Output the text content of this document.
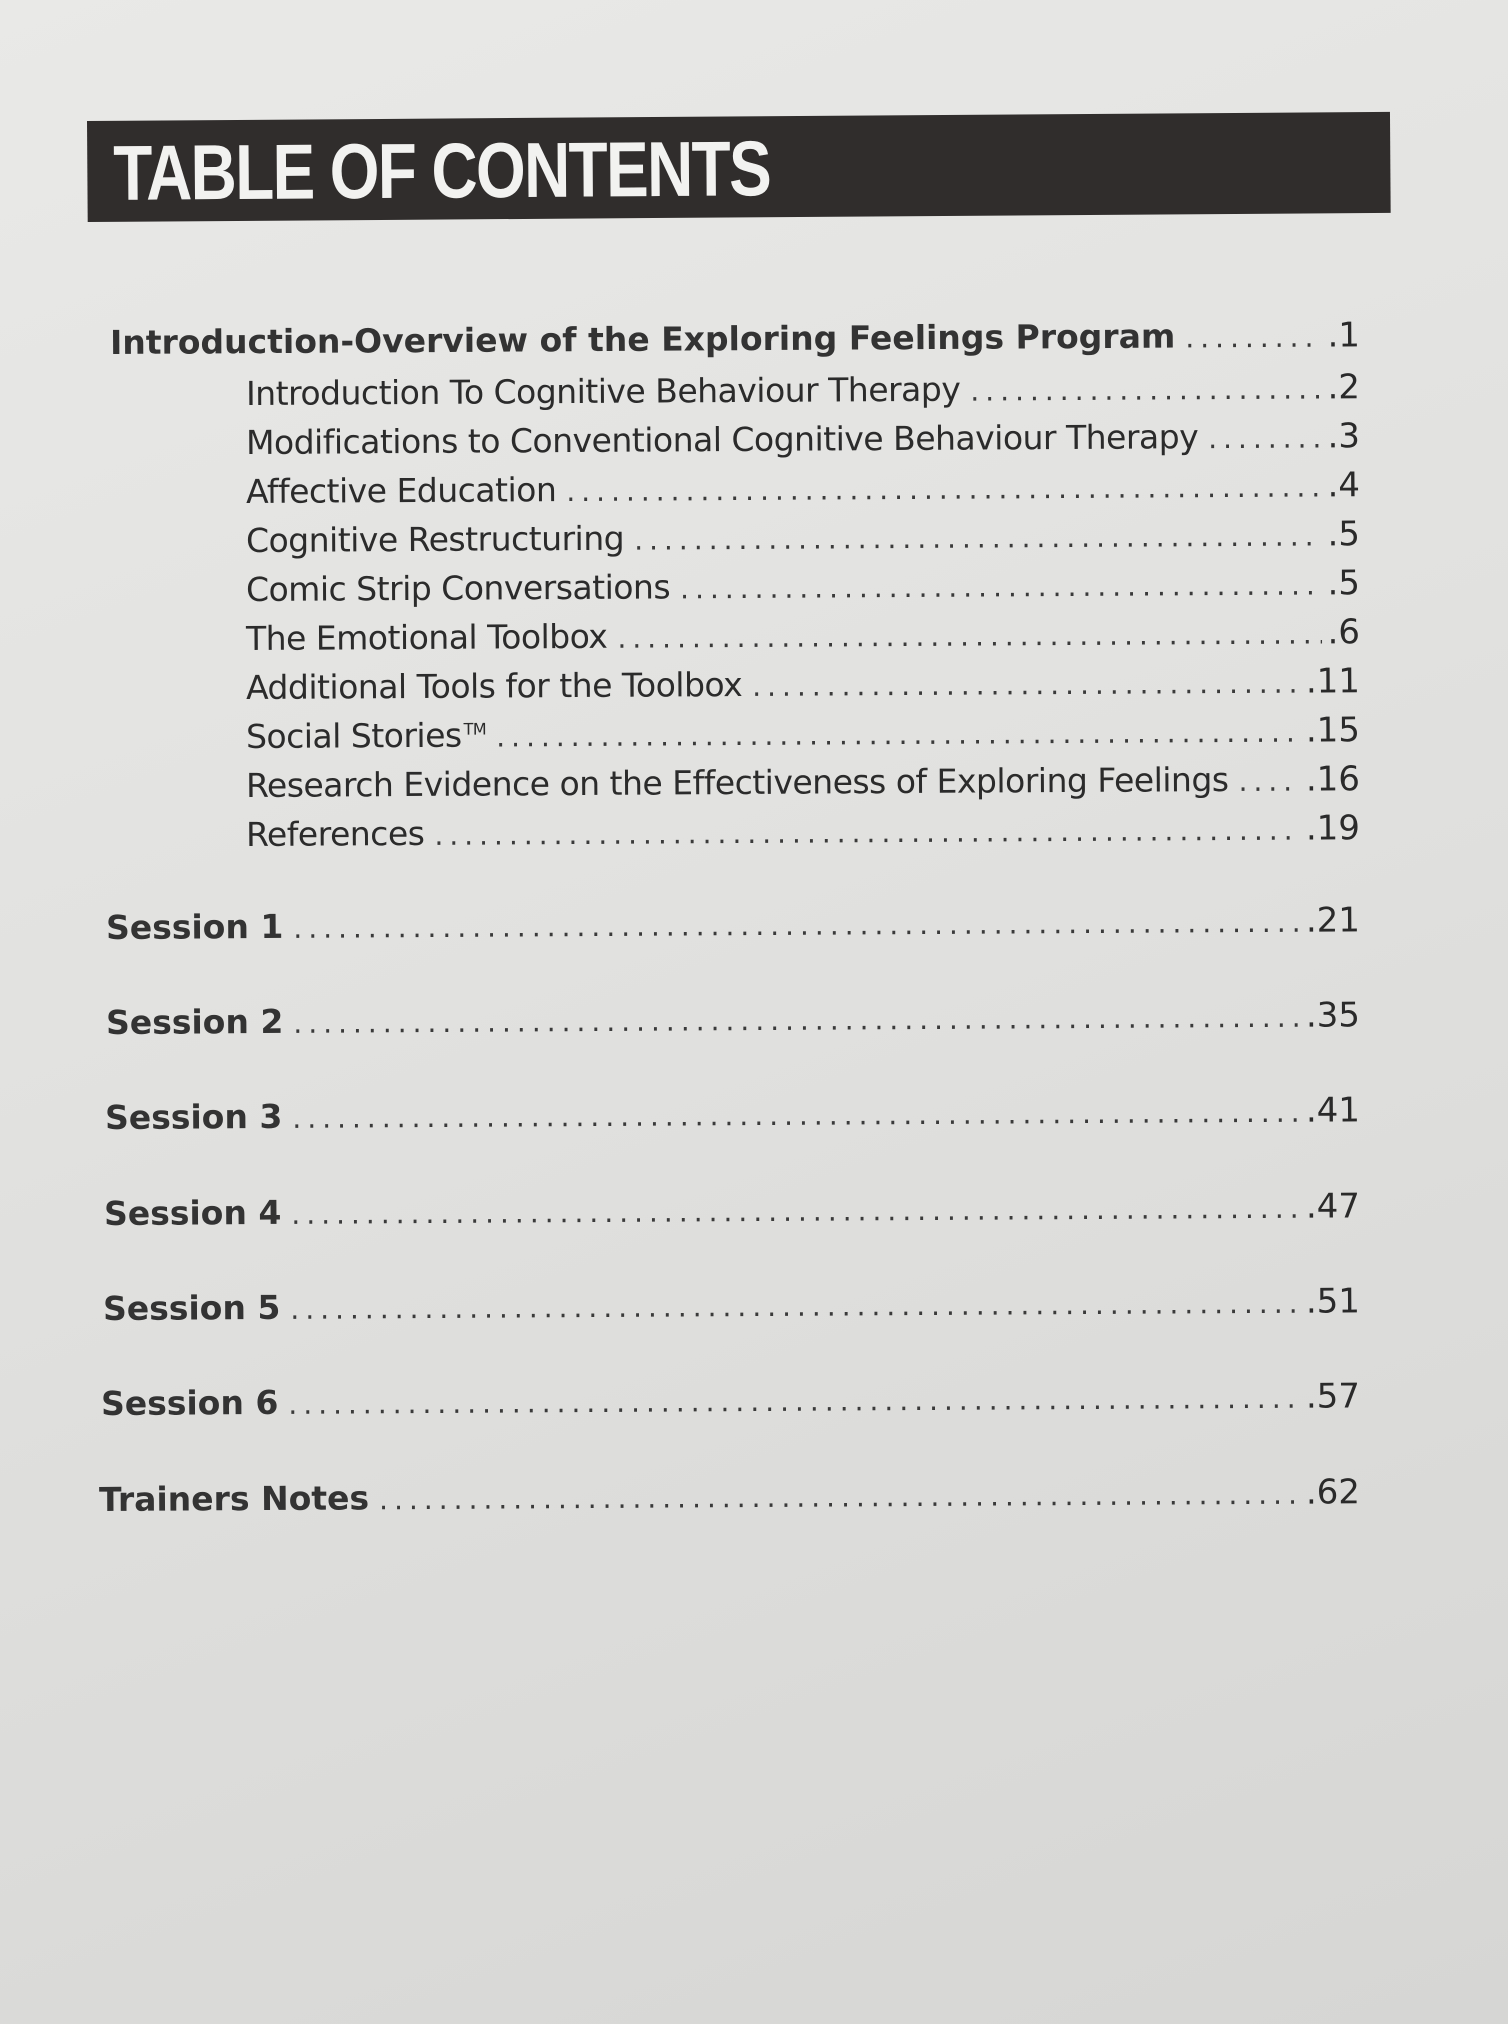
TABLE OF CONTENTS
Introduction-Overview of the Exploring Feelings Program .....	.1
Introduction To Cognitive Behaviour Therapy .....	.2
Modifications to Conventional Cognitive Behaviour Therapy .....	.3
Affective Education .....	.4
Cognitive Restructuring .....	.5
Comic Strip Conversations .....	.5
The Emotional Toolbox .....	.6
Additional Tools for the Toolbox .....	.11
Social Stories ™ .....	.15
Research Evidence on the Effectiveness of Exploring Feelings ..... .16
References .....	.19
Session 1 .....	.21
Session 2 .....	.35
Session 3 .....	.41
Session 4 .....	.47
Session 5 .....	.51
Session 6 .....	.57
Trainers Notes .....	.62
